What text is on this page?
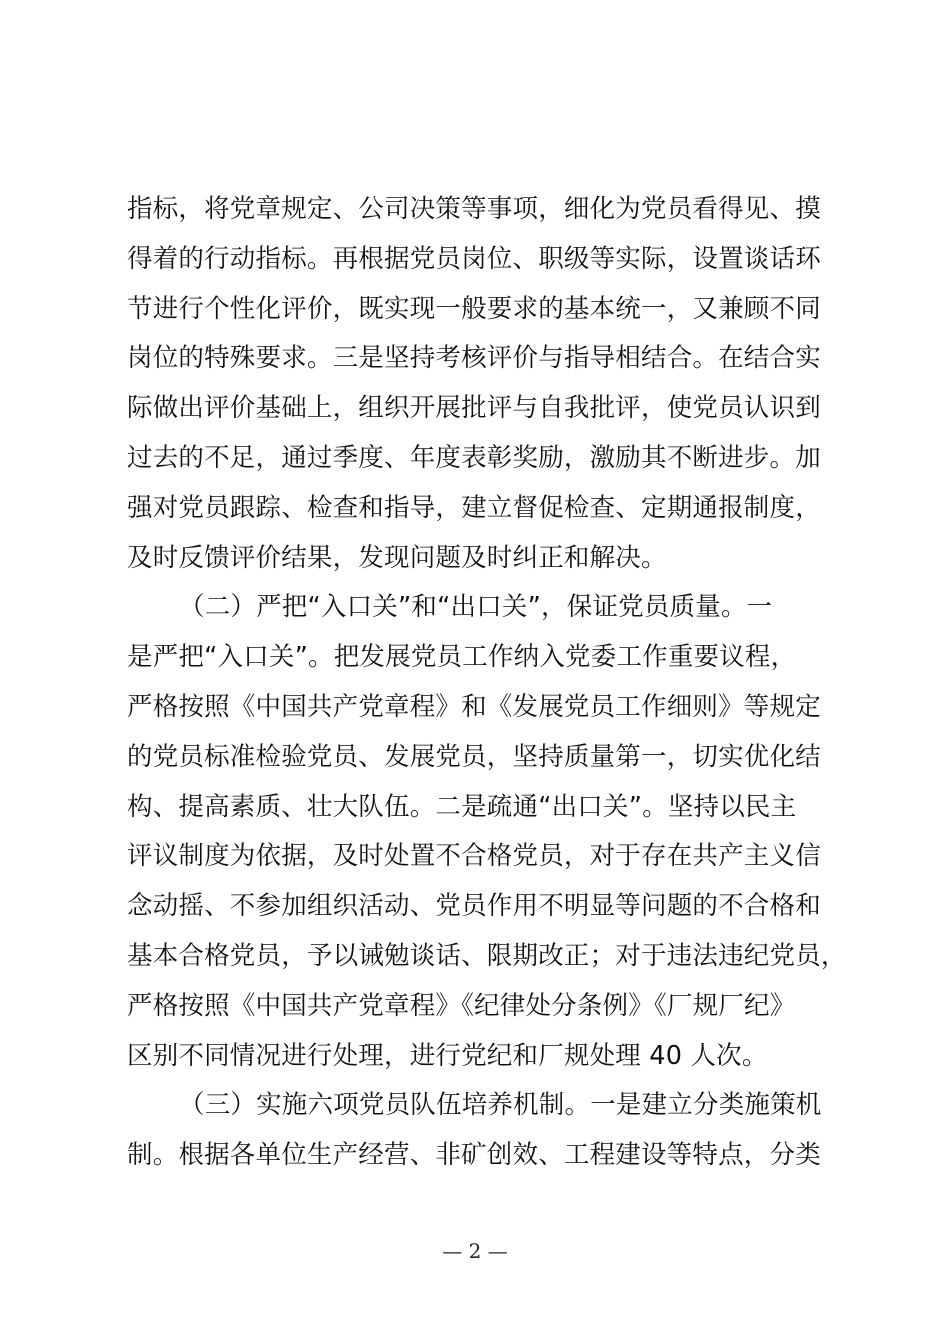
指标，将党章规定、公司决策等事项，细化为党员看得见、摸
得着的行动指标。再根据党员岗位、职级等实际，设置谈话环
节进行个性化评价，既实现一般要求的基本统一，又兼顾不同
岗位的特殊要求。三是坚持考核评价与指导相结合。在结合实
际做出评价基础上，组织开展批评与自我批评，使党员认识到
过去的不足，通过季度、年度表彰奖励，激励其不断进步。加
强对党员跟踪、检查和指导，建立督促检查、定期通报制度，
及时反馈评价结果，发现问题及时纠正和解决。
（二）严把“入口关”和“出口关”，保证党员质量。一
是严把“入口关”。把发展党员工作纳入党委工作重要议程，
严格按照《中国共产党章程》和《发展党员工作细则》等规定
的党员标准检验党员、发展党员，坚持质量第一，切实优化结
构、提高素质、壮大队伍。二是疏通“出口关”。坚持以民主
评议制度为依据，及时处置不合格党员，对于存在共产主义信
念动摇、不参加组织活动、党员作用不明显等问题的不合格和
基本合格党员，予以诫勉谈话、限期改正；对于违法违纪党员，
严格按照《中国共产党章程》《纪律处分条例》《厂规厂纪》
区别不同情况进行处理，进行党纪和厂规处理 40 人次。
（三）实施六项党员队伍培养机制。一是建立分类施策机
制。根据各单位生产经营、非矿创效、工程建设等特点，分类
— 2 —
